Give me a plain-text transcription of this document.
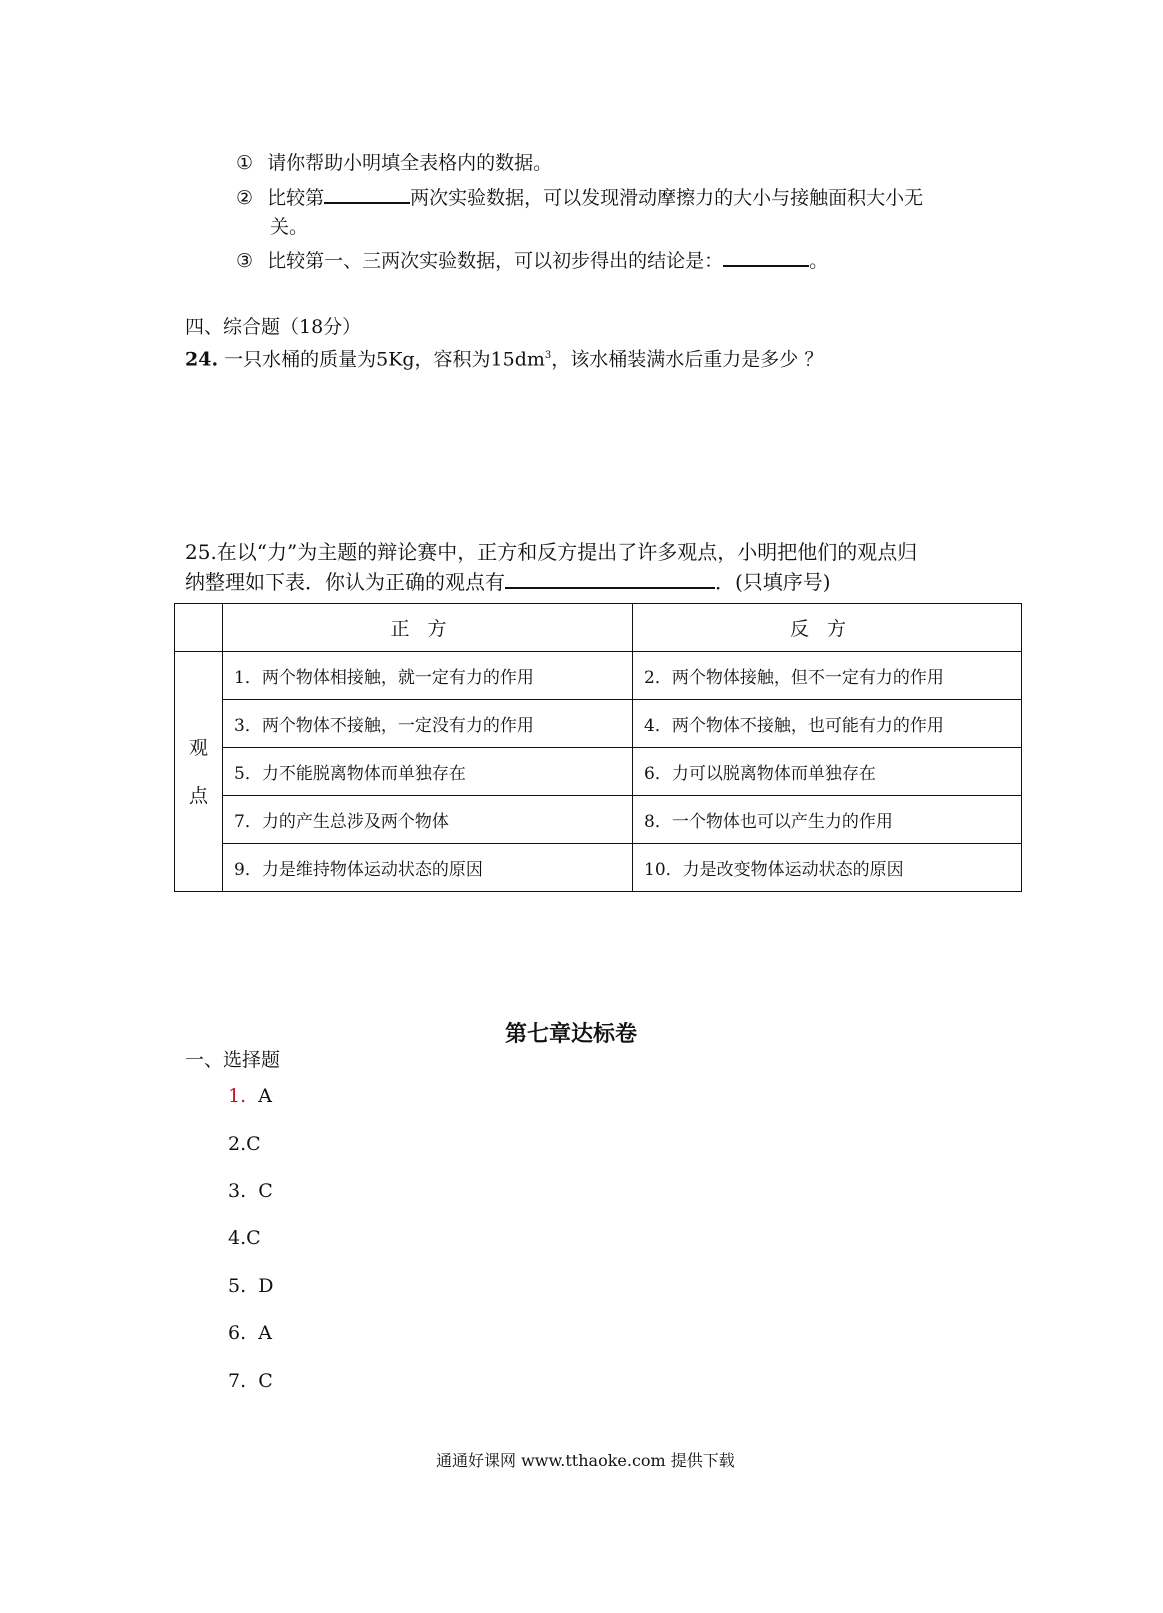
① 请你帮助小明填全表格内的数据。
② 比较第	两次实验数据，可以发现滑动摩擦力的大小与接触面积大小无
关。
③ 比较第一、三两次实验数据，可以初步得出的结论是：	。
四、综合题（18分）
24. 一只水桶的质量为5Kg，容积为$15dm^3$，该水桶装满水后重力是多少 ？
25.在以“力”为主题的辩论赛中，正方和反方提出了许多观点，小明把他们的观点归
纳整理如下表．你认为正确的观点有	．(只填序号)
	正方	反方

观点	1．两个物体相接触，就一定有力的作用	2．两个物体接触，但不一定有力的作用
	3．两个物体不接触，一定没有力的作用	4．两个物体不接触，也可能有力的作用
	5．力不能脱离物体而单独存在	6．力可以脱离物体而单独存在
	7．力的产生总涉及两个物体	8．一个物体也可以产生力的作用
	9．力是维持物体运动状态的原因	10．力是改变物体运动状态的原因
第七章达标卷
一、选择题
1. A
2.C
3. C
4.C
5. D
6. A
7. C
通通好课网 www.tthaoke.com 提供下载
